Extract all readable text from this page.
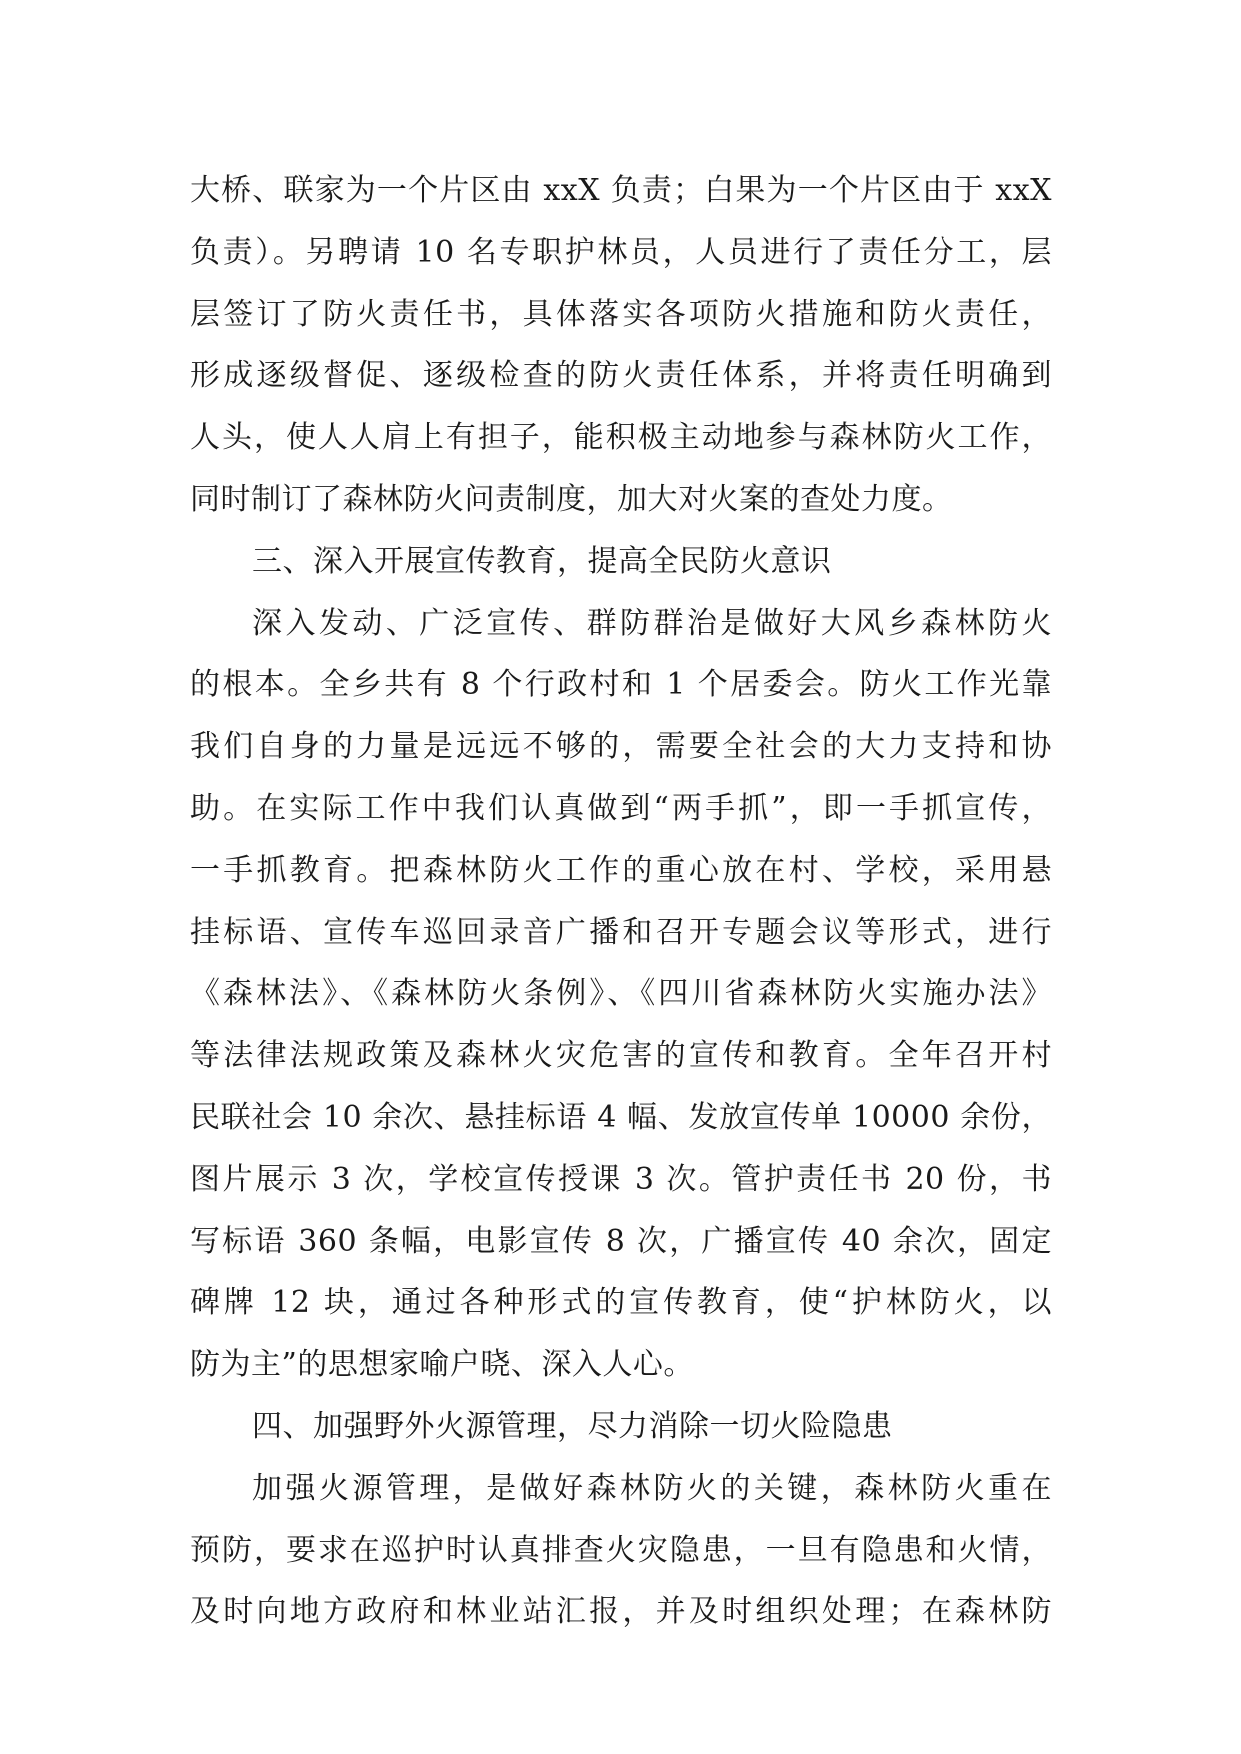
大桥、联家为一个片区由 xxX 负责；白果为一个片区由于 xxX
负责）。另聘请 10 名专职护林员，人员进行了责任分工，层
层签订了防火责任书，具体落实各项防火措施和防火责任，
形成逐级督促、逐级检查的防火责任体系，并将责任明确到
人头，使人人肩上有担子，能积极主动地参与森林防火工作，
同时制订了森林防火问责制度，加大对火案的查处力度。
三、深入开展宣传教育，提高全民防火意识
深入发动、广泛宣传、群防群治是做好大风乡森林防火
的根本。全乡共有 8 个行政村和 1 个居委会。防火工作光靠
我们自身的力量是远远不够的，需要全社会的大力支持和协
助。在实际工作中我们认真做到“两手抓”，即一手抓宣传，
一手抓教育。把森林防火工作的重心放在村、学校，采用悬
挂标语、宣传车巡回录音广播和召开专题会议等形式，进行
《森林法》、《森林防火条例》、《四川省森林防火实施办法》
等法律法规政策及森林火灾危害的宣传和教育。全年召开村
民联社会 10 余次、悬挂标语 4 幅、发放宣传单 10000 余份，
图片展示 3 次，学校宣传授课 3 次。管护责任书 20 份，书
写标语 360 条幅，电影宣传 8 次，广播宣传 40 余次，固定
碑牌 12 块，通过各种形式的宣传教育，使“护林防火，以
防为主”的思想家喻户晓、深入人心。
四、加强野外火源管理，尽力消除一切火险隐患
加强火源管理，是做好森林防火的关键，森林防火重在
预防，要求在巡护时认真排查火灾隐患，一旦有隐患和火情，
及时向地方政府和林业站汇报，并及时组织处理；在森林防
